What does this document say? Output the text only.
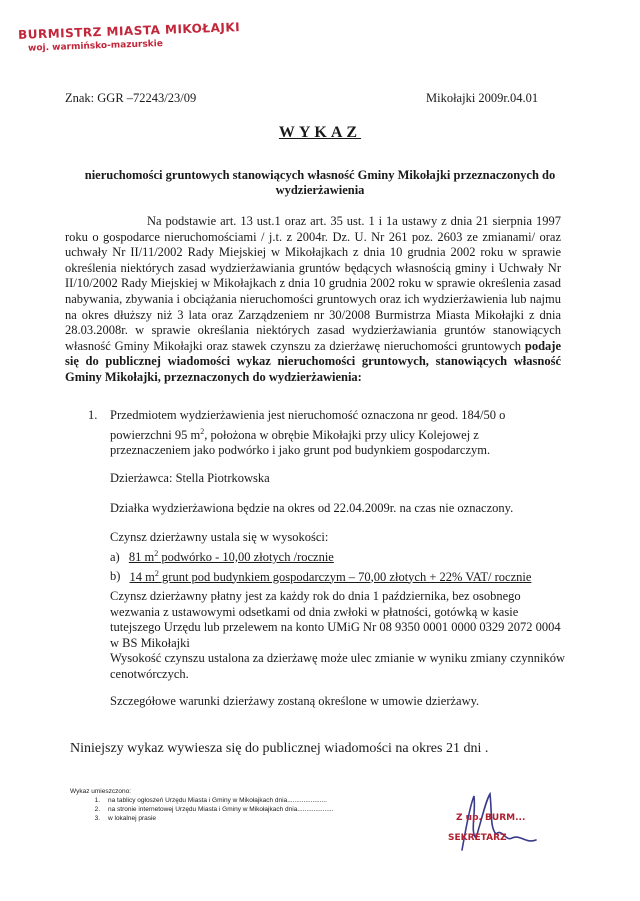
BURMISTRZ MIASTA MIKOŁAJKI
woj. warmińsko-mazurskie
Znak: GGR –72243/23/09	Mikołajki 2009r.04.01
WYKAZ
nieruchomości gruntowych stanowiących własność Gminy Mikołajki przeznaczonych do wydzierżawienia
Na podstawie art. 13 ust.1 oraz art. 35 ust. 1 i 1a ustawy z dnia 21 sierpnia 1997 roku o gospodarce nieruchomościami / j.t. z 2004r. Dz. U. Nr 261 poz. 2603 ze zmianami/ oraz uchwały Nr II/11/2002 Rady Miejskiej w Mikołajkach z dnia 10 grudnia 2002 roku w sprawie określenia niektórych zasad wydzierżawiania gruntów będących własnością gminy i Uchwały Nr II/10/2002 Rady Miejskiej w Mikołajkach z dnia 10 grudnia 2002 roku w sprawie określenia zasad nabywania, zbywania i obciążania nieruchomości gruntowych oraz ich wydzierżawienia lub najmu na okres dłuższy niż 3 lata oraz Zarządzeniem nr 30/2008 Burmistrza Miasta Mikołajki z dnia 28.03.2008r. w sprawie określania niektórych zasad wydzierżawiania gruntów stanowiących własność Gminy Mikołajki oraz stawek czynszu za dzierżawę nieruchomości gruntowych podaje się do publicznej wiadomości wykaz nieruchomości gruntowych, stanowiących własność Gminy Mikołajki, przeznaczonych do wydzierżawienia:
1. Przedmiotem wydzierżawienia jest nieruchomość oznaczona nr geod. 184/50 o powierzchni 95 $m^2$, położona w obrębie Mikołajki przy ulicy Kolejowej z przeznaczeniem jako podwórko i jako grunt pod budynkiem gospodarczym.
Dzierżawca: Stella Piotrkowska
Działka wydzierżawiona będzie na okres od 22.04.2009r. na czas nie oznaczony.
Czynsz dzierżawny ustala się w wysokości:
a) 81 $m^2$ podwórko - 10,00 złotych /rocznie
b) 14 $m^2$ grunt pod budynkiem gospodarczym – 70,00 złotych + 22% VAT/ rocznie
Czynsz dzierżawny płatny jest za każdy rok do dnia 1 października, bez osobnego wezwania z ustawowymi odsetkami od dnia zwłoki w płatności, gotówką w kasie tutejszego Urzędu lub przelewem na konto UMiG Nr 08 9350 0001 0000 0329 2072 0004 w BS Mikołajki
Wysokość czynszu ustalona za dzierżawę może ulec zmianie w wyniku zmiany czynników cenotwórczych.
Szczegółowe warunki dzierżawy zostaną określone w umowie dzierżawy.
Niniejszy wykaz wywiesza się do publicznej wiadomości na okres 21 dni .
Wykaz umieszczono:
1. na tablicy ogłoszeń Urzędu Miasta i Gminy w Mikołajkach dnia......................
2. na stronie internetowej Urzędu Miasta i Gminy w Mikołajkach dnia....................
3. w lokalnej prasie	Z up. BURM...
SEKRETARZ
